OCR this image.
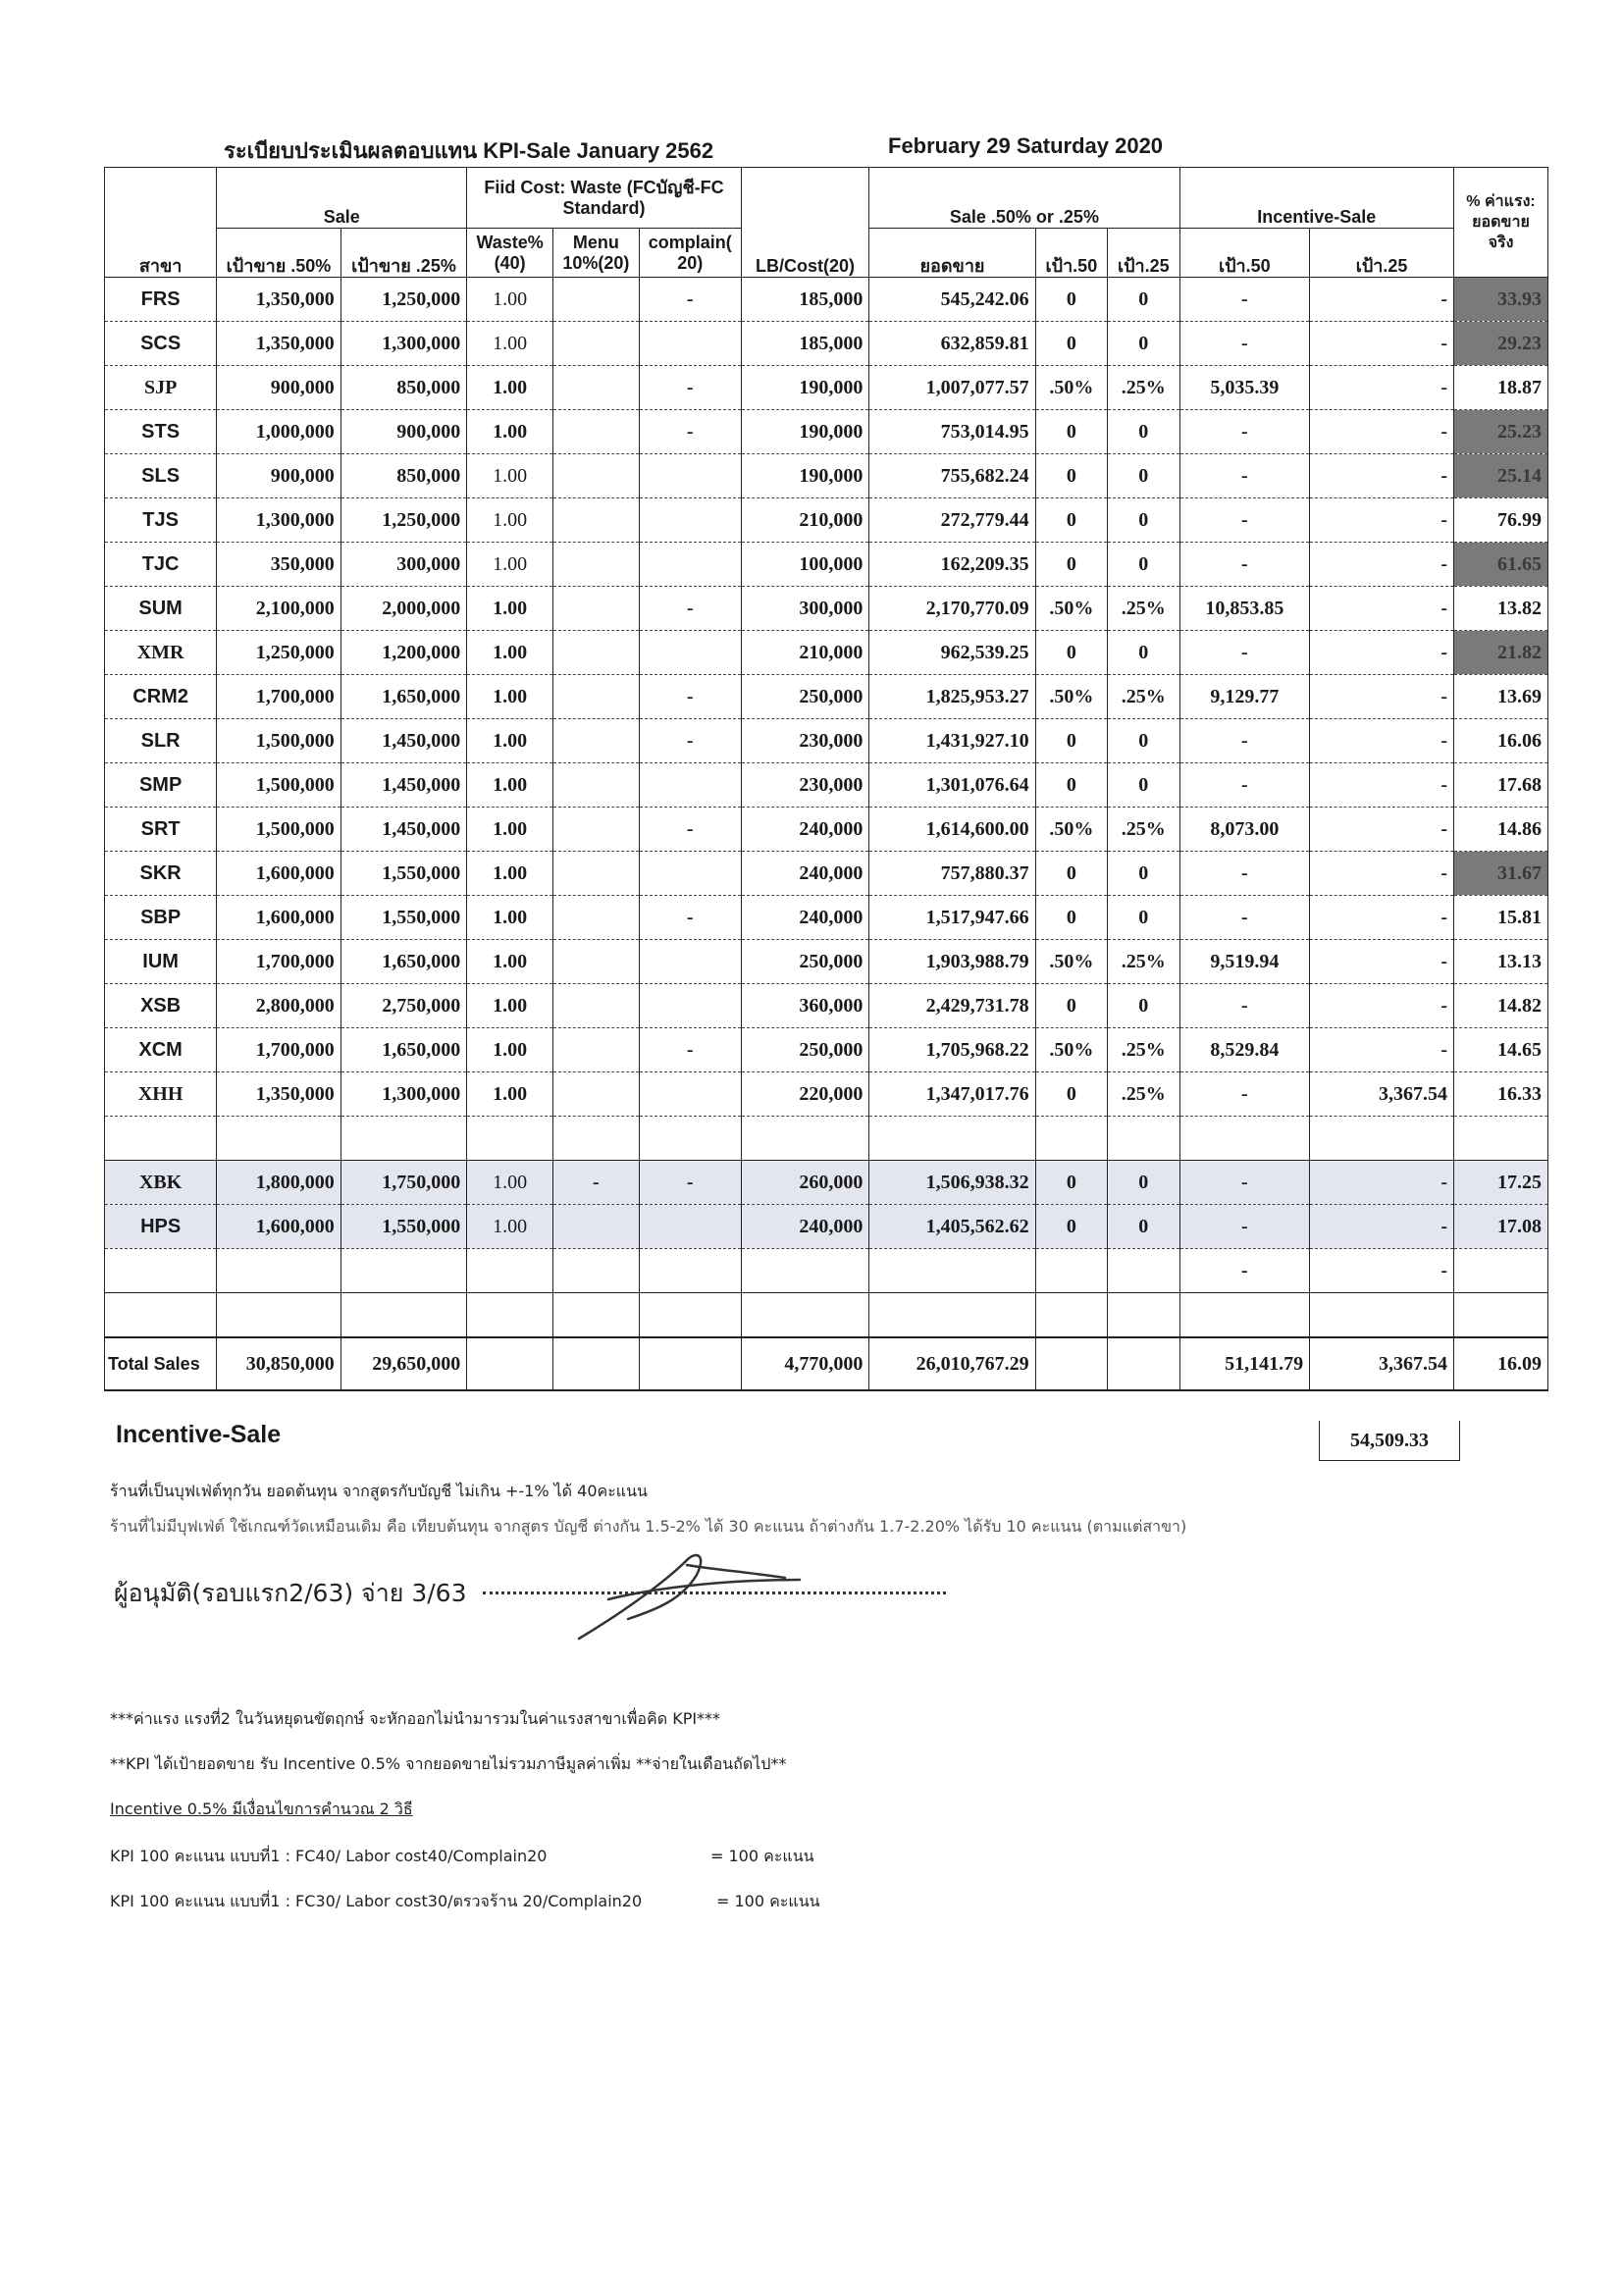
ระเบียบประเมินผลตอบแทน KPI-Sale January 2562	February 29 Saturday 2020
	Sale		Fiid Cost: Waste (FCบัญชี-FC Standard)				Sale .50% or .25%			Incentive-Sale		% ค่าแรง: ยอดขายจริง
สาขา	เป้าขาย .50%	เป้าขาย .25%	Waste% (40)	Menu 10%(20)	complain( 20)	LB/Cost(20)	ยอดขาย	เป้า.50	เป้า.25	เป้า.50	เป้า.25	
FRS	1,350,000	1,250,000	1.00		-	185,000	545,242.06	0	0	-	-	33.93
SCS	1,350,000	1,300,000	1.00			185,000	632,859.81	0	0	-	-	29.23
SJP	900,000	850,000	1.00		-	190,000	1,007,077.57	.50%	.25%	5,035.39	-	18.87
STS	1,000,000	900,000	1.00		-	190,000	753,014.95	0	0	-	-	25.23
SLS	900,000	850,000	1.00			190,000	755,682.24	0	0	-	-	25.14
TJS	1,300,000	1,250,000	1.00			210,000	272,779.44	0	0	-	-	76.99
TJC	350,000	300,000	1.00			100,000	162,209.35	0	0	-	-	61.65
SUM	2,100,000	2,000,000	1.00		-	300,000	2,170,770.09	.50%	.25%	10,853.85	-	13.82
XMR	1,250,000	1,200,000	1.00			210,000	962,539.25	0	0	-	-	21.82
CRM2	1,700,000	1,650,000	1.00		-	250,000	1,825,953.27	.50%	.25%	9,129.77	-	13.69
SLR	1,500,000	1,450,000	1.00		-	230,000	1,431,927.10	0	0	-	-	16.06
SMP	1,500,000	1,450,000	1.00			230,000	1,301,076.64	0	0	-	-	17.68
SRT	1,500,000	1,450,000	1.00		-	240,000	1,614,600.00	.50%	.25%	8,073.00	-	14.86
SKR	1,600,000	1,550,000	1.00			240,000	757,880.37	0	0	-	-	31.67
SBP	1,600,000	1,550,000	1.00		-	240,000	1,517,947.66	0	0	-	-	15.81
IUM	1,700,000	1,650,000	1.00			250,000	1,903,988.79	.50%	.25%	9,519.94	-	13.13
XSB	2,800,000	2,750,000	1.00			360,000	2,429,731.78	0	0	-	-	14.82
XCM	1,700,000	1,650,000	1.00		-	250,000	1,705,968.22	.50%	.25%	8,529.84	-	14.65
XHH	1,350,000	1,300,000	1.00			220,000	1,347,017.76	0	.25%	-	3,367.54	16.33

XBK	1,800,000	1,750,000	1.00	-	-	260,000	1,506,938.32	0	0	-	-	17.25
HPS	1,600,000	1,550,000	1.00			240,000	1,405,562.62	0	0	-	-	17.08
										-	-	

Total Sales	30,850,000	29,650,000				4,770,000	26,010,767.29			51,141.79	3,367.54	16.09
Incentive-Sale	54,509.33
ร้านที่เป็นบุฟเฟ่ต์ทุกวัน ยอดต้นทุน จากสูตรกับบัญชี ไม่เกิน +-1% ได้ 40คะแนน
ร้านที่ไม่มีบุฟเฟ่ต์ ใช้เกณฑ์วัดเหมือนเดิม คือ เทียบต้นทุน จากสูตร บัญชี ต่างกัน 1.5-2% ได้ 30 คะแนน ถ้าต่างกัน 1.7-2.20% ได้รับ 10 คะแนน (ตามแต่สาขา)
ผู้อนุมัติ(รอบแรก2/63) จ่าย 3/63
***ค่าแรง แรงที่2 ในวันหยุดนขัตฤกษ์ จะหักออกไม่นำมารวมในค่าแรงสาขาเพื่อคิด KPI***
**KPI ได้เป้ายอดขาย รับ Incentive 0.5% จากยอดขายไม่รวมภาษีมูลค่าเพิ่ม **จ่ายในเดือนถัดไป**
Incentive 0.5% มีเงื่อนไขการคำนวณ 2 วิธี
KPI 100 คะแนน แบบที่1 : FC40/ Labor cost40/Complain20	= 100 คะแนน
KPI 100 คะแนน แบบที่1 : FC30/ Labor cost30/ตรวจร้าน 20/Complain20	= 100 คะแนน
